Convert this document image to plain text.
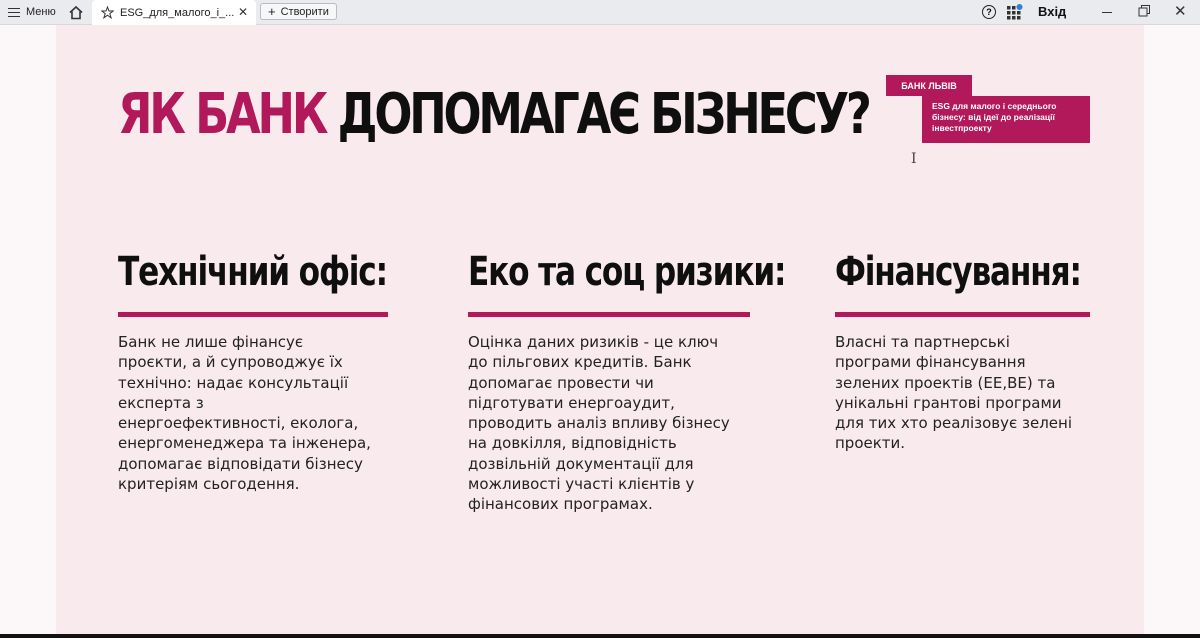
Меню	ESG_для_малого_і_... ✕ + Створити	?	Вхід	✕
ЯК БАНК ДОПОМАГАЄ БІЗНЕСУ?	БАНК ЛЬВІВ
ESG для малого і середнього
бізнесу: від ідеї до реалізації
інвестпроекту
I
Технічний офіс:
Банк не лише фінансує
проєкти, а й супроводжує їх
технічно: надає консультації
експерта з
енергоефективності, еколога,
енергоменеджера та інженера,
допомагає відповідати бізнесу
критеріям сьогодення.
Еко та соц ризики:
Оцінка даних ризиків - це ключ
до пільгових кредитів. Банк
допомагає провести чи
підготувати енергоаудит,
проводить аналіз впливу бізнесу
на довкілля, відповідність
дозвільній документації для
можливості участі клієнтів у
фінансових програмах.
Фінансування:
Власні та партнерські
програми фінансування
зелених проектів (ЕЕ,ВЕ) та
унікальні грантові програми
для тих хто реалізовує зелені
проекти.
